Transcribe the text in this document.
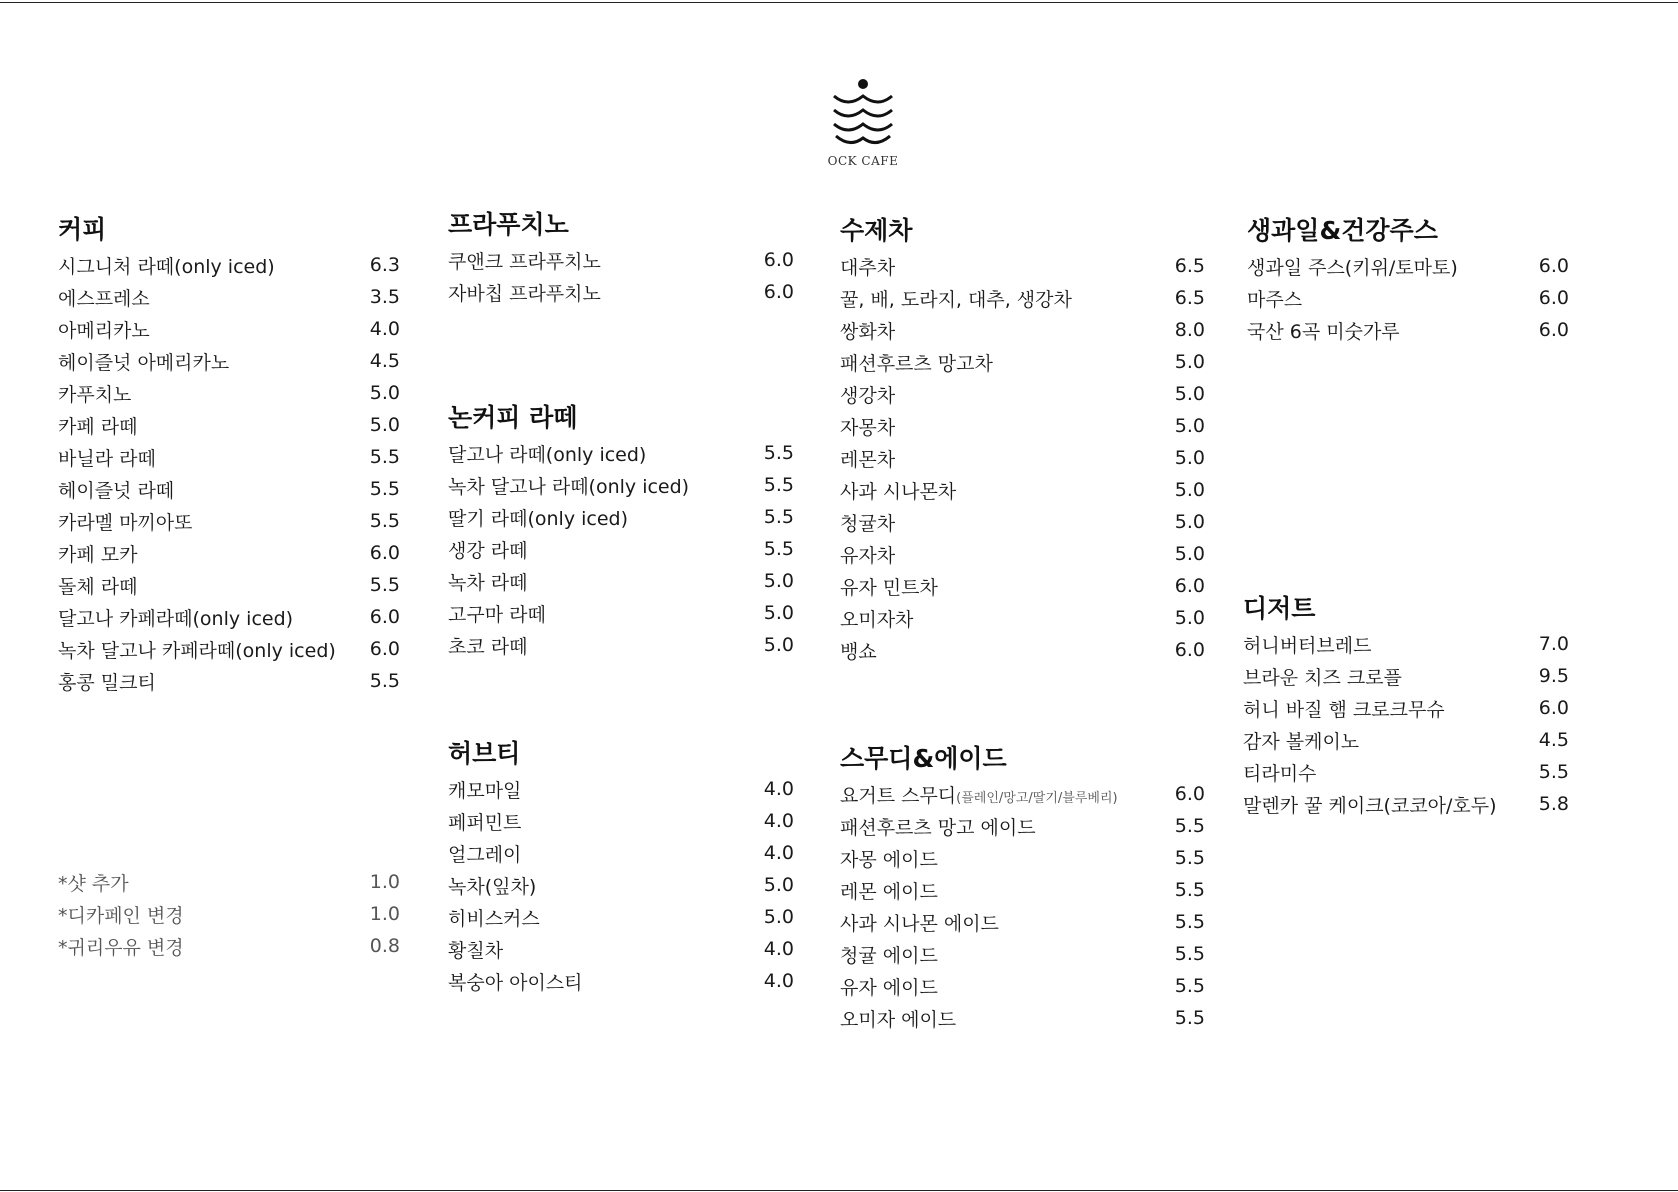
OCK CAFE
커피
시그니처 라떼(only iced)	6.3
에스프레소	3.5
아메리카노	4.0
헤이즐넛 아메리카노	4.5
카푸치노	5.0
카페 라떼	5.0
바닐라 라떼	5.5
헤이즐넛 라떼	5.5
카라멜 마끼아또	5.5
카페 모카	6.0
돌체 라떼	5.5
달고나 카페라떼(only iced)	6.0
녹차 달고나 카페라떼(only iced) 6.0
홍콩 밀크티	5.5
*샷 추가	1.0
*디카페인 변경	1.0
*귀리우유 변경	0.8
프라푸치노
쿠앤크 프라푸치노	6.0
자바칩 프라푸치노	6.0
논커피 라떼
달고나 라떼(only iced)	5.5
녹차 달고나 라떼(only iced)	5.5
딸기 라떼(only iced)	5.5
생강 라떼	5.5
녹차 라떼	5.0
고구마 라떼	5.0
초코 라떼	5.0
허브티
캐모마일	4.0
페퍼민트	4.0
얼그레이	4.0
녹차(잎차)	5.0
히비스커스	5.0
황칠차	4.0
복숭아 아이스티	4.0
수제차
대추차	6.5
꿀, 배, 도라지, 대추, 생강차	6.5
쌍화차	8.0
패션후르츠 망고차	5.0
생강차	5.0
자몽차	5.0
레몬차	5.0
사과 시나몬차	5.0
청귤차	5.0
유자차	5.0
유자 민트차	6.0
오미자차	5.0
뱅쇼	6.0
스무디&에이드
요거트 스무디(플레인/망고/딸기/블루베리)	6.0
패션후르츠 망고 에이드	5.5
자몽 에이드	5.5
레몬 에이드	5.5
사과 시나몬 에이드	5.5
청귤 에이드	5.5
유자 에이드	5.5
오미자 에이드	5.5
생과일&건강주스
생과일 주스(키위/토마토)	6.0
마주스	6.0
국산 6곡 미숫가루	6.0
디저트
허니버터브레드	7.0
브라운 치즈 크로플	9.5
허니 바질 햄 크로크무슈	6.0
감자 볼케이노	4.5
티라미수	5.5
말렌카 꿀 케이크(코코아/호두) 5.8
